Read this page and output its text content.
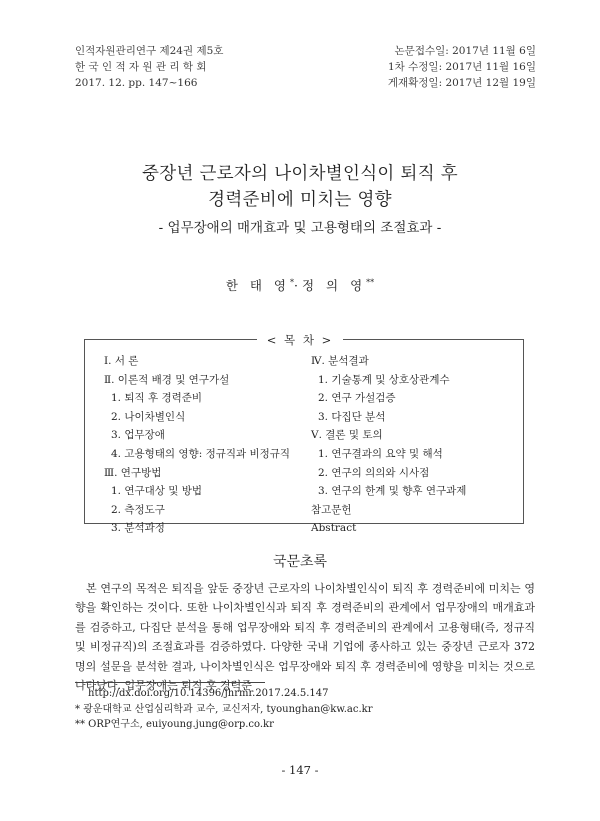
인적자원관리연구 제24권 제5호
한 국 인 적 자 원 관 리 학 회
2017. 12. pp. 147~166
논문접수일: 2017년 11월 6일
1차 수정일: 2017년 11월 16일
게재확정일: 2017년 12월 19일
중장년 근로자의 나이차별인식이 퇴직 후
경력준비에 미치는 영향
- 업무장애의 매개효과 및 고용형태의 조절효과 -
한 태 영*·정 의 영**
< 목 차 >
Ⅰ. 서 론
Ⅱ. 이론적 배경 및 연구가설
1. 퇴직 후 경력준비
2. 나이차별인식
3. 업무장애
4. 고용형태의 영향: 정규직과 비정규직
Ⅲ. 연구방법
1. 연구대상 및 방법
2. 측정도구
3. 분석과정
Ⅳ. 분석결과
1. 기술통계 및 상호상관계수
2. 연구 가설검증
3. 다집단 분석
Ⅴ. 결론 및 토의
1. 연구결과의 요약 및 해석
2. 연구의 의의와 시사점
3. 연구의 한계 및 향후 연구과제
참고문헌
Abstract
국문초록
본 연구의 목적은 퇴직을 앞둔 중장년 근로자의 나이차별인식이 퇴직 후 경력준비에 미치는 영향을 확인하는 것이다. 또한 나이차별인식과 퇴직 후 경력준비의 관계에서 업무장애의 매개효과를 검증하고, 다집단 분석을 통해 업무장애와 퇴직 후 경력준비의 관계에서 고용형태(즉, 정규직 및 비정규직)의 조절효과를 검증하였다. 다양한 국내 기업에 종사하고 있는 중장년 근로자 372명의 설문을 분석한 결과, 나이차별인식은 업무장애와 퇴직 후 경력준비에 영향을 미치는 것으로 나타났다. 업무장애는 퇴직 후 경력준
http://dx.doi.org/10.14396/jhrmr.2017.24.5.147
* 광운대학교 산업심리학과 교수, 교신저자, tyounghan@kw.ac.kr
** ORP연구소, euiyoung.jung@orp.co.kr
- 147 -
